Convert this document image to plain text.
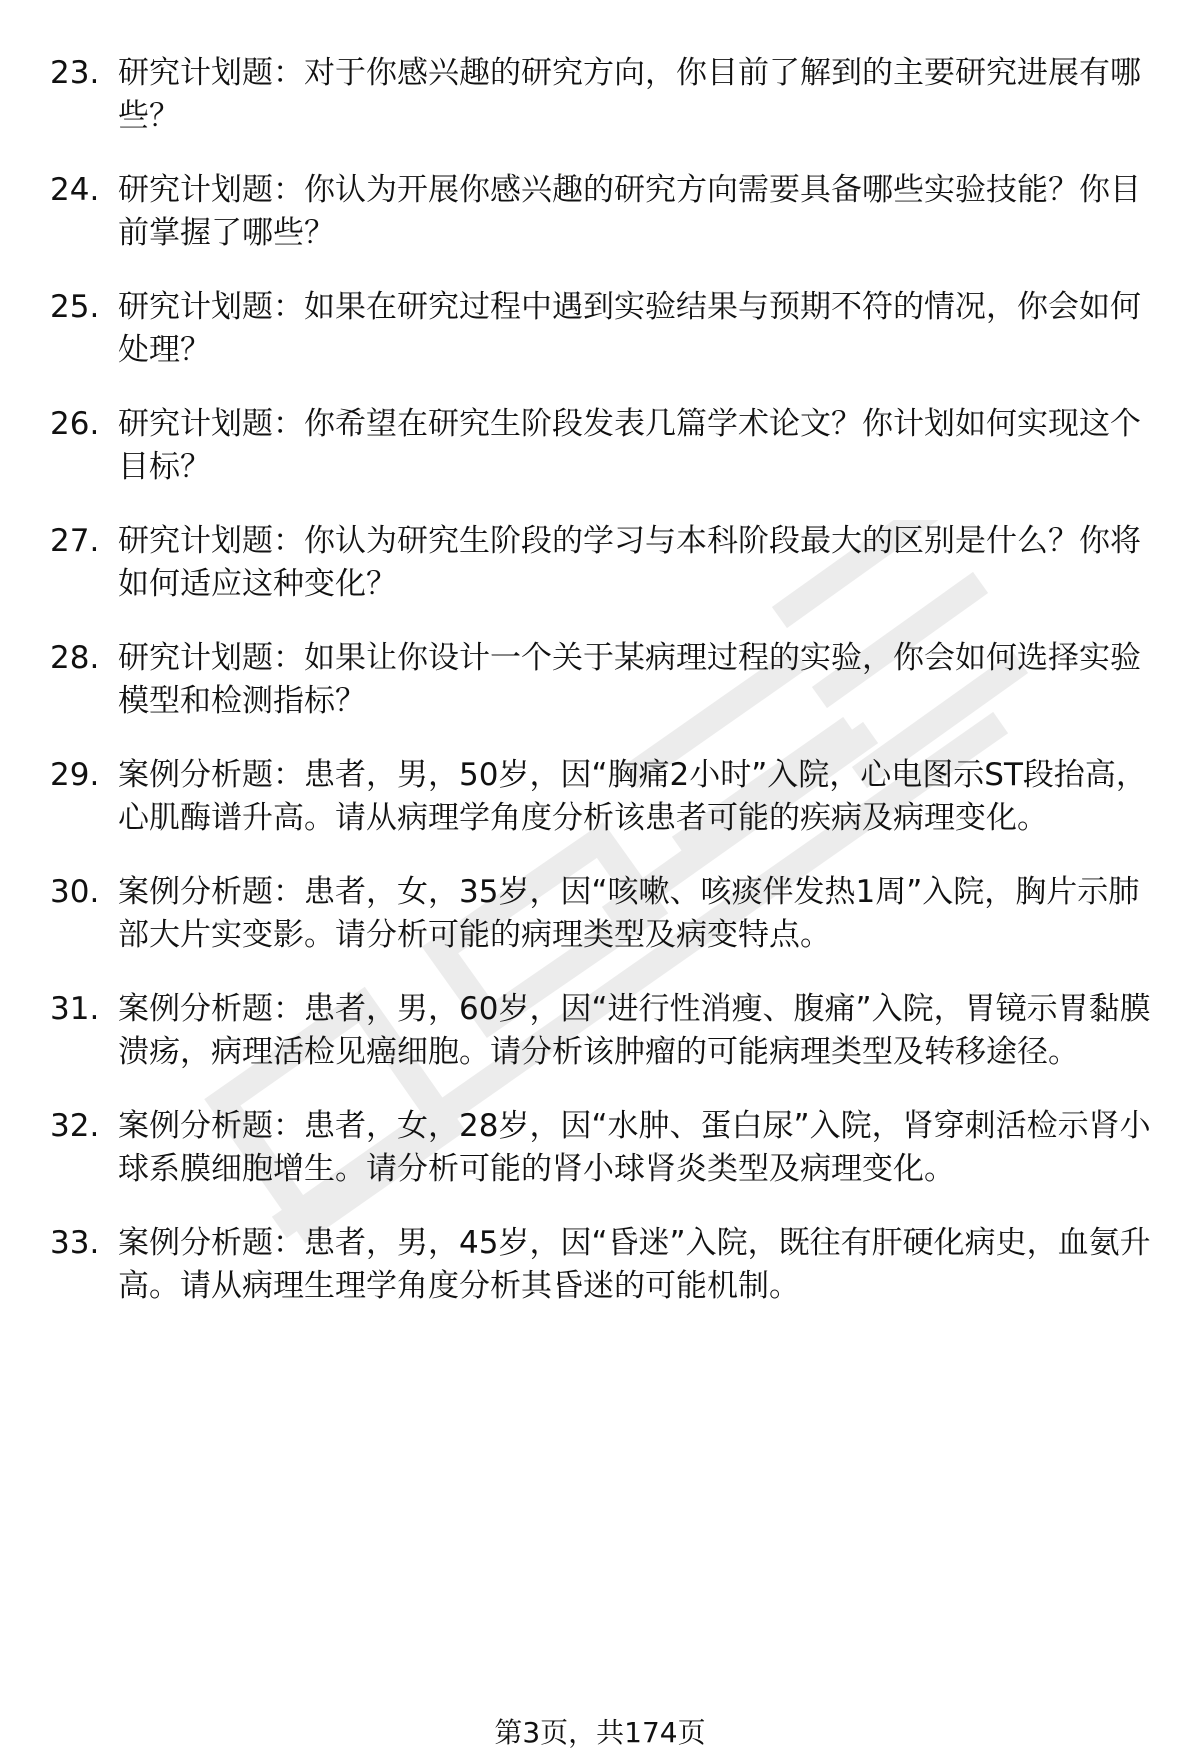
23. 研究计划题：对于你感兴趣的研究方向，你目前了解到的主要研究进展有哪些？
24. 研究计划题：你认为开展你感兴趣的研究方向需要具备哪些实验技能？你目前掌握了哪些？
25. 研究计划题：如果在研究过程中遇到实验结果与预期不符的情况，你会如何处理？
26. 研究计划题：你希望在研究生阶段发表几篇学术论文？你计划如何实现这个目标？
27. 研究计划题：你认为研究生阶段的学习与本科阶段最大的区别是什么？你将如何适应这种变化？
28. 研究计划题：如果让你设计一个关于某病理过程的实验，你会如何选择实验模型和检测指标？
29. 案例分析题：患者，男，50岁，因“胸痛2小时”入院，心电图示ST段抬高，心肌酶谱升高。请从病理学角度分析该患者可能的疾病及病理变化。
30. 案例分析题：患者，女，35岁，因“咳嗽、咳痰伴发热1周”入院，胸片示肺部大片实变影。请分析可能的病理类型及病变特点。
31. 案例分析题：患者，男，60岁，因“进行性消瘦、腹痛”入院，胃镜示胃黏膜溃疡，病理活检见癌细胞。请分析该肿瘤的可能病理类型及转移途径。
32. 案例分析题：患者，女，28岁，因“水肿、蛋白尿”入院，肾穿刺活检示肾小球系膜细胞增生。请分析可能的肾小球肾炎类型及病理变化。
33. 案例分析题：患者，男，45岁，因“昏迷”入院，既往有肝硬化病史，血氨升高。请从病理生理学角度分析其昏迷的可能机制。
第3页，共174页
